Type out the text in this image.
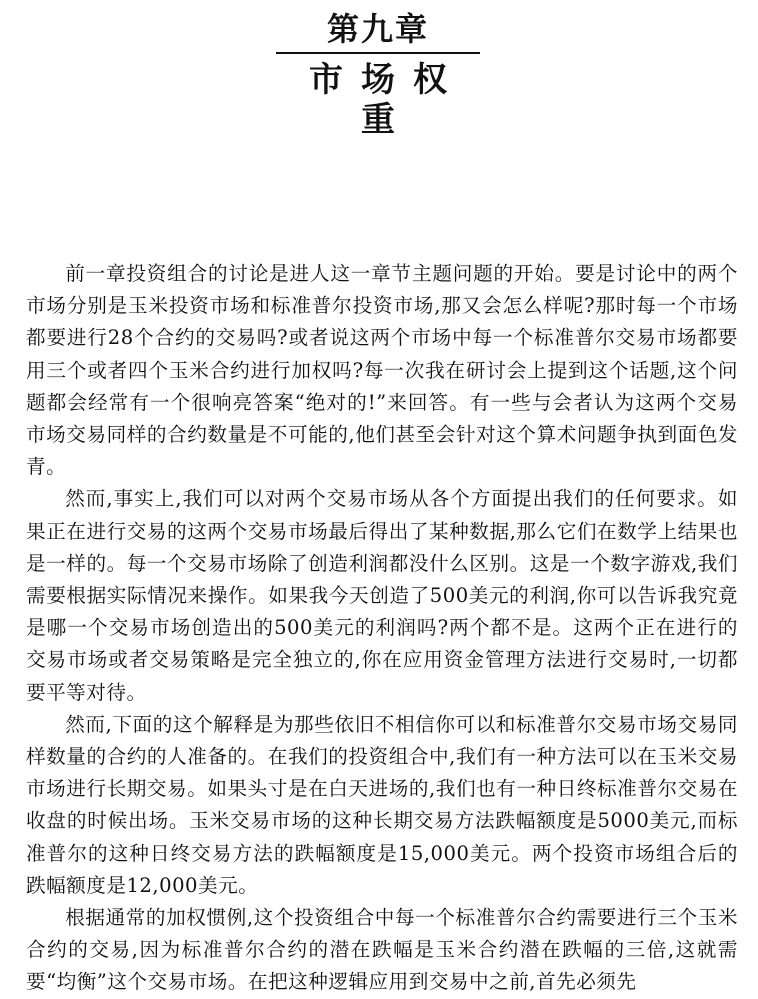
第九章
市场权重

前一章投资组合的讨论是进人这一章节主题问题的开始。要是讨论中的两个市场分别是玉米投资市场和标准普尔投资市场,那又会怎么样呢?那时每一个市场都要进行28个合约的交易吗?或者说这两个市场中每一个标准普尔交易市场都要用三个或者四个玉米合约进行加权吗?每一次我在研讨会上提到这个话题,这个问题都会经常有一个很响亮答案“绝对的!”来回答。有一些与会者认为这两个交易市场交易同样的合约数量是不可能的,他们甚至会针对这个算术问题争执到面色发青。

然而,事实上,我们可以对两个交易市场从各个方面提出我们的任何要求。如果正在进行交易的这两个交易市场最后得出了某种数据,那么它们在数学上结果也是一样的。每一个交易市场除了创造利润都没什么区别。这是一个数字游戏,我们需要根据实际情况来操作。如果我今天创造了500美元的利润,你可以告诉我究竟是哪一个交易市场创造出的500美元的利润吗?两个都不是。这两个正在进行的交易市场或者交易策略是完全独立的,你在应用资金管理方法进行交易时,一切都要平等对待。

然而,下面的这个解释是为那些依旧不相信你可以和标准普尔交易市场交易同样数量的合约的人准备的。在我们的投资组合中,我们有一种方法可以在玉米交易市场进行长期交易。如果头寸是在白天进场的,我们也有一种日终标准普尔交易在收盘的时候出场。玉米交易市场的这种长期交易方法跌幅额度是5000美元,而标准普尔的这种日终交易方法的跌幅额度是15,000美元。两个投资市场组合后的跌幅额度是12,000美元。

根据通常的加权惯例,这个投资组合中每一个标准普尔合约需要进行三个玉米合约的交易,因为标准普尔合约的潜在跌幅是玉米合约潜在跌幅的三倍,这就需要“均衡”这个交易市场。在把这种逻辑应用到交易中之前,首先必须先
